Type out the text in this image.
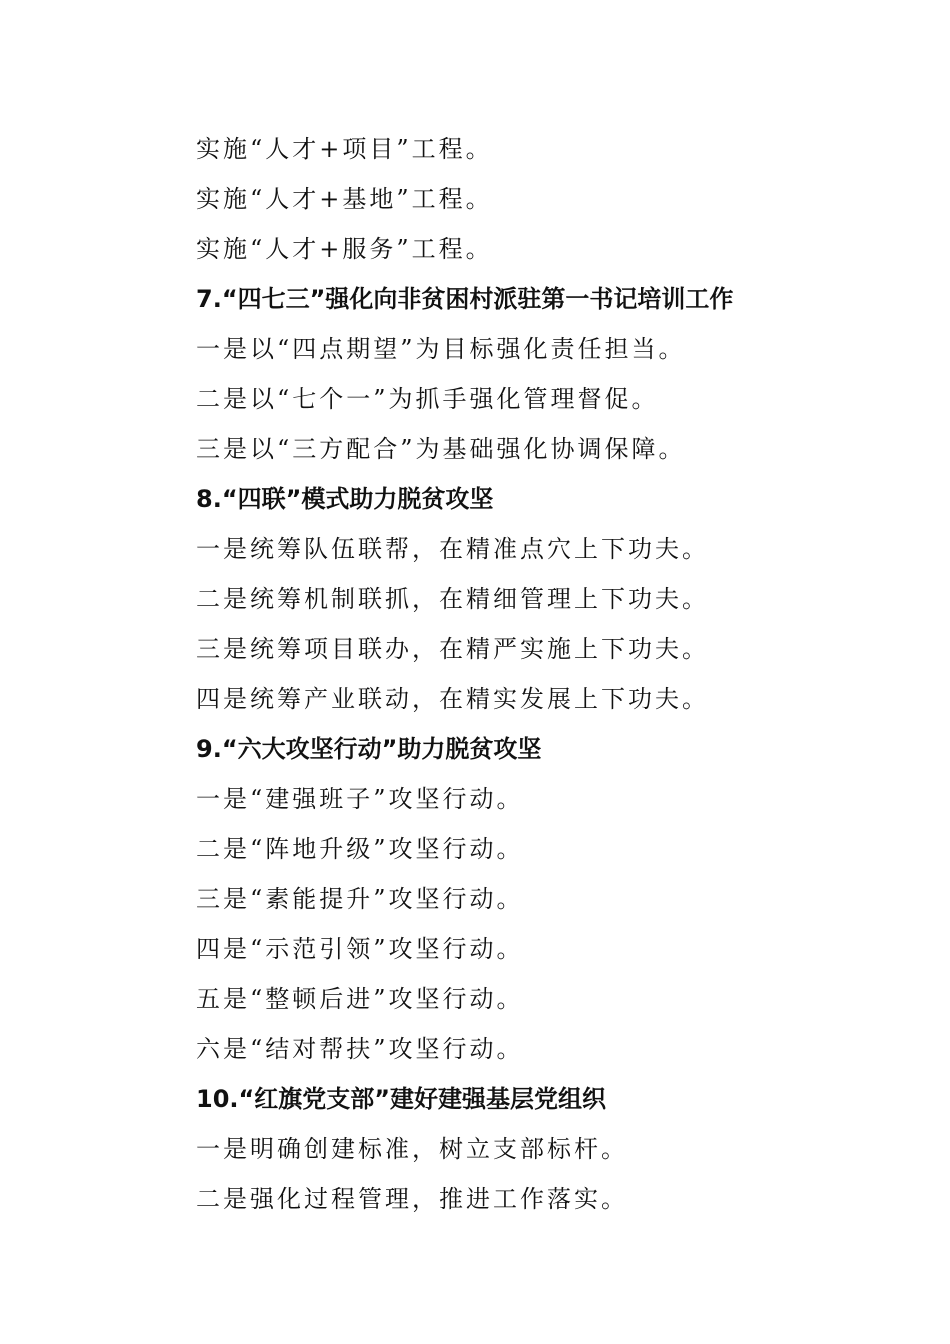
实施“人才+项目”工程。
实施“人才+基地”工程。
实施“人才+服务”工程。
7.“四七三”强化向非贫困村派驻第一书记培训工作
一是以“四点期望”为目标强化责任担当。
二是以“七个一”为抓手强化管理督促。
三是以“三方配合”为基础强化协调保障。
8.“四联”模式助力脱贫攻坚
一是统筹队伍联帮，在精准点穴上下功夫。
二是统筹机制联抓，在精细管理上下功夫。
三是统筹项目联办，在精严实施上下功夫。
四是统筹产业联动，在精实发展上下功夫。
9.“六大攻坚行动”助力脱贫攻坚
一是“建强班子”攻坚行动。
二是“阵地升级”攻坚行动。
三是“素能提升”攻坚行动。
四是“示范引领”攻坚行动。
五是“整顿后进”攻坚行动。
六是“结对帮扶”攻坚行动。
10.“红旗党支部”建好建强基层党组织
一是明确创建标准，树立支部标杆。
二是强化过程管理，推进工作落实。
